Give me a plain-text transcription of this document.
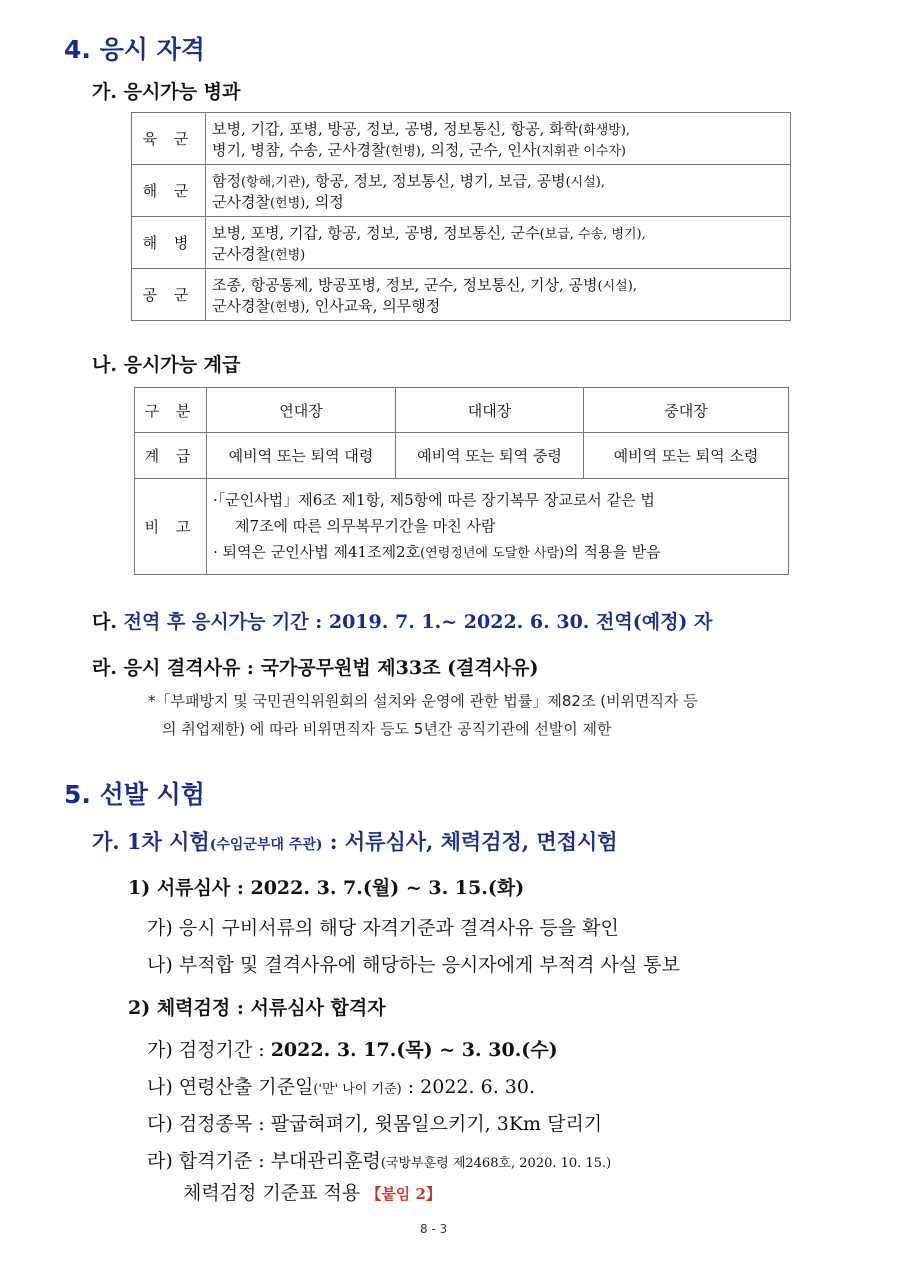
4. 응시 자격
가. 응시가능 병과
육 군	보병, 기갑, 포병, 방공, 정보, 공병, 정보통신, 항공, 화학(화생방),
병기, 병참, 수송, 군사경찰(헌병), 의정, 군수, 인사(지휘관 이수자)

해 군	함정(항해,기관), 항공, 정보, 정보통신, 병기, 보급, 공병(시설),
군사경찰(헌병), 의정

해 병	보병, 포병, 기갑, 항공, 정보, 공병, 정보통신, 군수(보급, 수송, 병기),
군사경찰(헌병)

공 군	조종, 항공통제, 방공포병, 정보, 군수, 정보통신, 기상, 공병(시설),
군사경찰(헌병), 인사교육, 의무행정
나. 응시가능 계급
구 분	연대장	대대장	중대장
계 급	예비역 또는 퇴역 대령	예비역 또는 퇴역 중령	예비역 또는 퇴역 소령
비 고	·「군인사법」제6조 제1항, 제5항에 따른 장기복무 장교로서 같은 법
제7조에 따른 의무복무기간을 마친 사람
· 퇴역은 군인사법 제41조제2호(연령정년에 도달한 사람)의 적용을 받음		
다. 전역 후 응시가능 기간 : 2019. 7. 1.~ 2022. 6. 30. 전역(예정) 자
라. 응시 결격사유 : 국가공무원법 제33조 (결격사유)
*「부패방지 및 국민권익위원회의 설치와 운영에 관한 법률」제82조 (비위면직자 등
의 취업제한) 에 따라 비위면직자 등도 5년간 공직기관에 선발이 제한
5. 선발 시험
가. 1차 시험(수임군부대 주관) : 서류심사, 체력검정, 면접시험
1) 서류심사 : 2022. 3. 7.(월) ~ 3. 15.(화)
가) 응시 구비서류의 해당 자격기준과 결격사유 등을 확인
나) 부적합 및 결격사유에 해당하는 응시자에게 부적격 사실 통보
2) 체력검정 : 서류심사 합격자
가) 검정기간 : 2022. 3. 17.(목) ~ 3. 30.(수)
나) 연령산출 기준일('만' 나이 기준) : 2022. 6. 30.
다) 검정종목 : 팔굽혀펴기, 윗몸일으키기, 3Km 달리기
라) 합격기준 : 부대관리훈령(국방부훈령 제2468호, 2020. 10. 15.)
체력검정 기준표 적용 【붙임 2】
8 - 3
